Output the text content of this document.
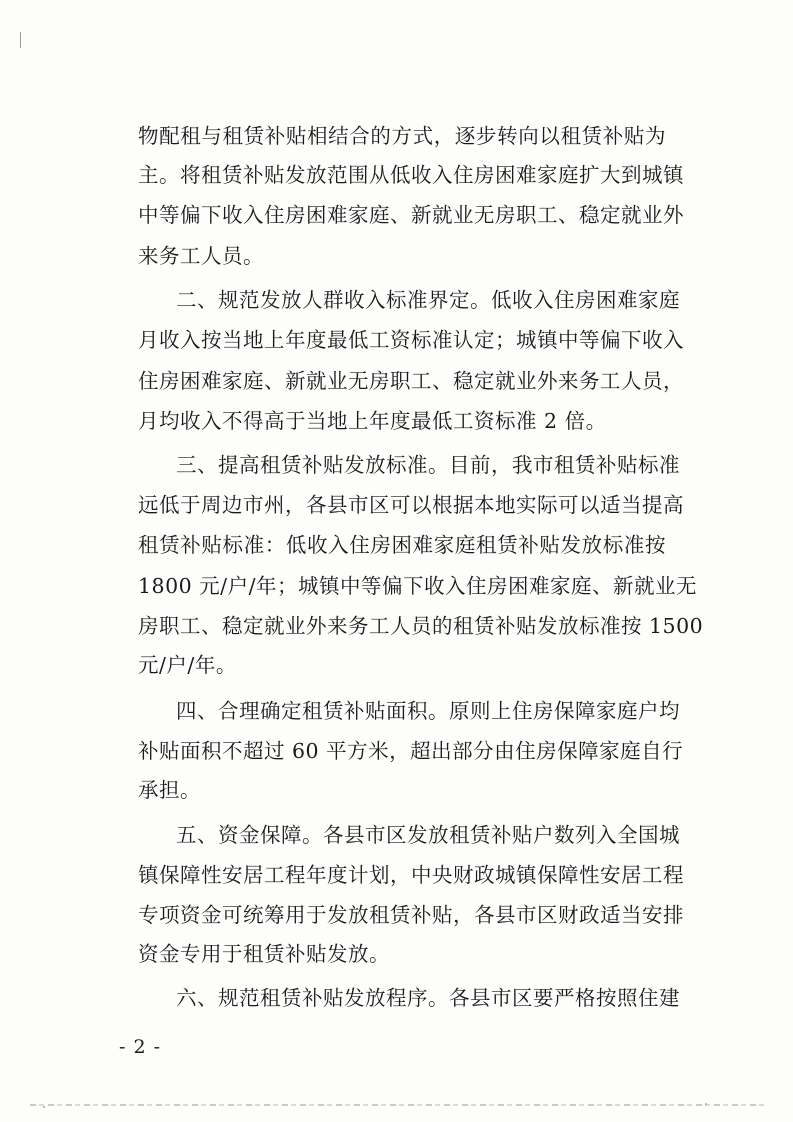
物配租与租赁补贴相结合的方式，逐步转向以租赁补贴为
主。将租赁补贴发放范围从低收入住房困难家庭扩大到城镇
中等偏下收入住房困难家庭、新就业无房职工、稳定就业外
来务工人员。
二、规范发放人群收入标准界定。低收入住房困难家庭
月收入按当地上年度最低工资标准认定；城镇中等偏下收入
住房困难家庭、新就业无房职工、稳定就业外来务工人员，
月均收入不得高于当地上年度最低工资标准 2 倍。
三、提高租赁补贴发放标准。目前，我市租赁补贴标准
远低于周边市州，各县市区可以根据本地实际可以适当提高
租赁补贴标准：低收入住房困难家庭租赁补贴发放标准按
1800 元/户/年；城镇中等偏下收入住房困难家庭、新就业无
房职工、稳定就业外来务工人员的租赁补贴发放标准按 1500
元/户/年。
四、合理确定租赁补贴面积。原则上住房保障家庭户均
补贴面积不超过 60 平方米，超出部分由住房保障家庭自行
承担。
五、资金保障。各县市区发放租赁补贴户数列入全国城
镇保障性安居工程年度计划，中央财政城镇保障性安居工程
专项资金可统筹用于发放租赁补贴，各县市区财政适当安排
资金专用于租赁补贴发放。
六、规范租赁补贴发放程序。各县市区要严格按照住建
- 2 -
